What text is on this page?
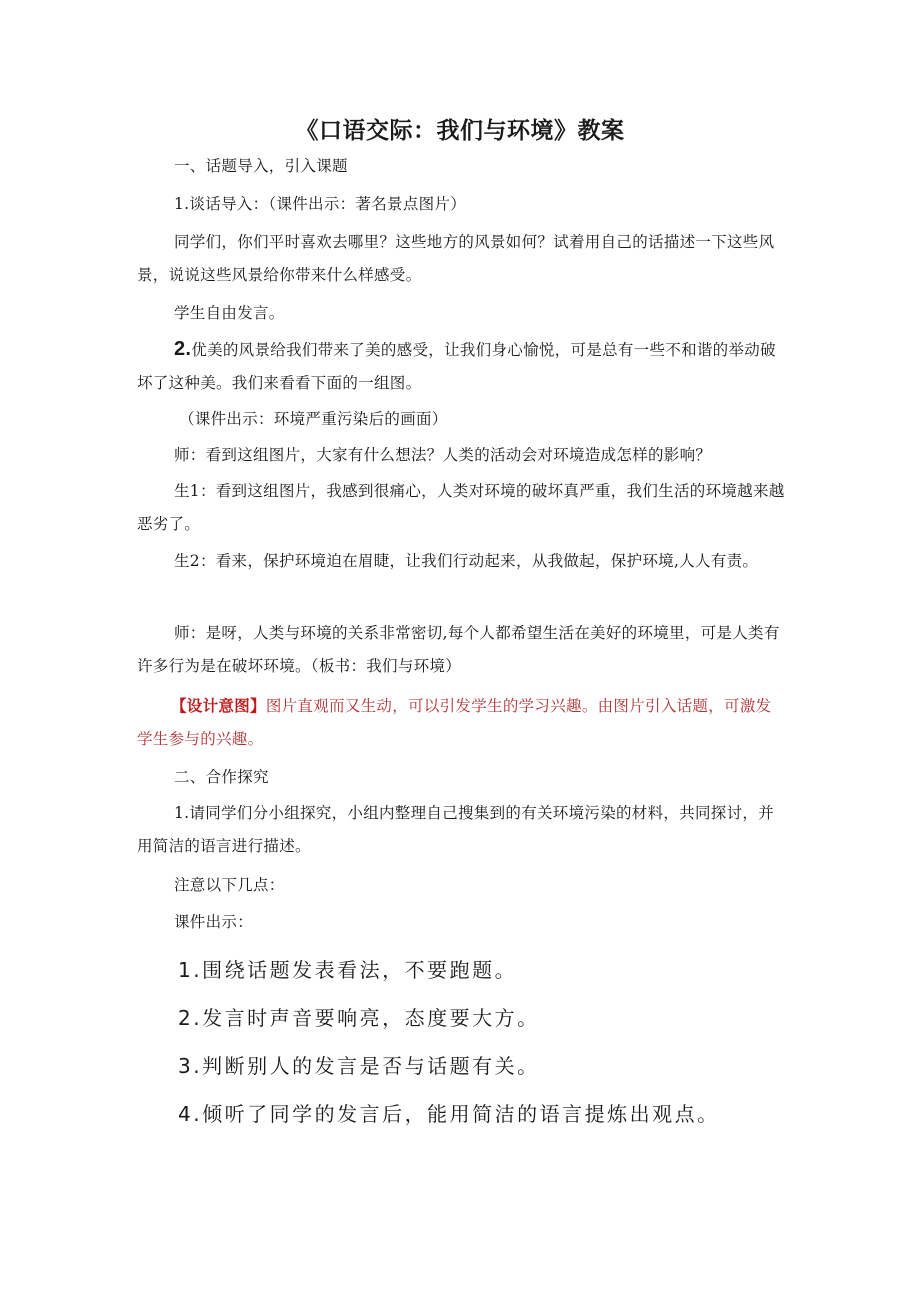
《口语交际：我们与环境》教案
一、话题导入，引入课题
1.谈话导入：（课件出示：著名景点图片）
同学们，你们平时喜欢去哪里？这些地方的风景如何？试着用自己的话描述一下这些风景，说说这些风景给你带来什么样感受。
学生自由发言。
2.优美的风景给我们带来了美的感受，让我们身心愉悦，可是总有一些不和谐的举动破坏了这种美。我们来看看下面的一组图。
（课件出示：环境严重污染后的画面）
师：看到这组图片，大家有什么想法？人类的活动会对环境造成怎样的影响？
生1：看到这组图片，我感到很痛心，人类对环境的破坏真严重，我们生活的环境越来越恶劣了。
生2：看来，保护环境迫在眉睫，让我们行动起来，从我做起，保护环境,人人有责。
师：是呀，人类与环境的关系非常密切,每个人都希望生活在美好的环境里，可是人类有许多行为是在破坏环境。（板书：我们与环境）
【设计意图】图片直观而又生动，可以引发学生的学习兴趣。由图片引入话题，可激发学生参与的兴趣。
二、合作探究
1.请同学们分小组探究，小组内整理自己搜集到的有关环境污染的材料，共同探讨，并用简洁的语言进行描述。
注意以下几点：
课件出示：
1.围绕话题发表看法，不要跑题。
2.发言时声音要响亮，态度要大方。
3.判断别人的发言是否与话题有关。
4.倾听了同学的发言后，能用简洁的语言提炼出观点。
